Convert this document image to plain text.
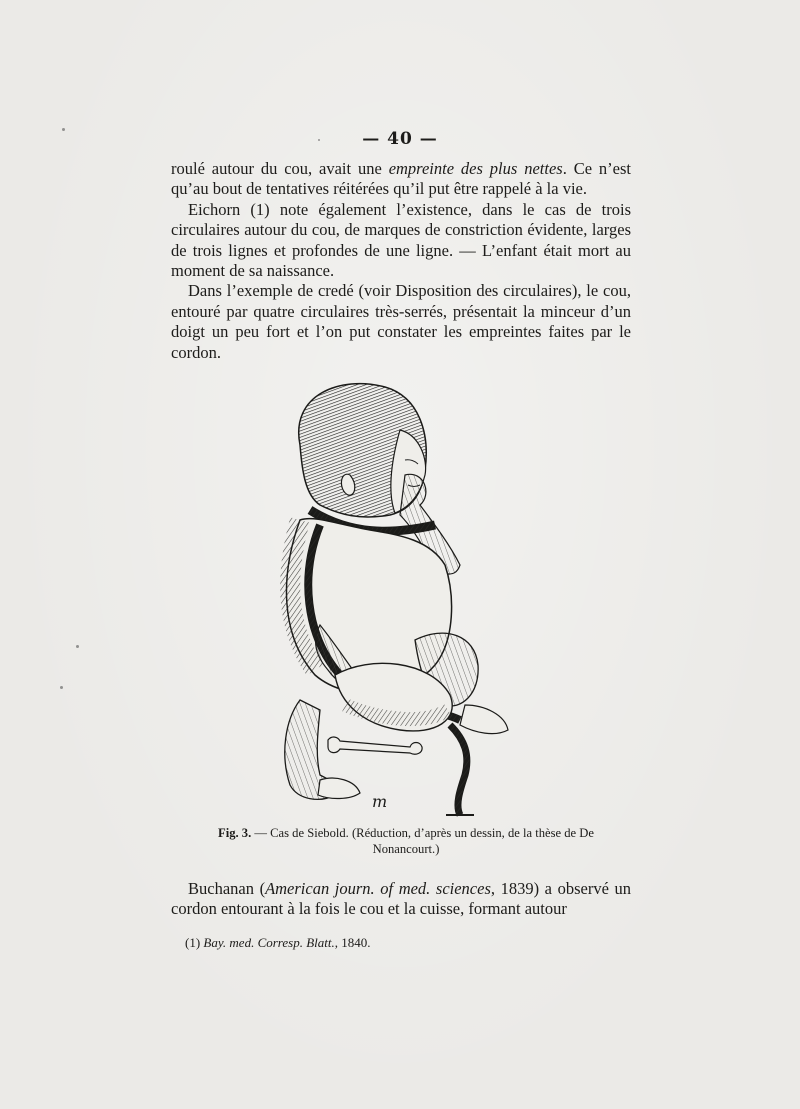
— 40 —

roulé autour du cou, avait une empreinte des plus nettes. Ce n’est qu’au bout de tentatives réitérées qu’il put être rappelé à la vie.

Eichorn (1) note également l’existence, dans le cas de trois circulaires autour du cou, de marques de constriction évidente, larges de trois lignes et profondes de une ligne. — L’enfant était mort au moment de sa naissance.

Dans l’exemple de credé (voir Disposition des circulaires), le cou, entouré par quatre circulaires très-serrés, présentait la minceur d’un doigt un peu fort et l’on put constater les empreintes faites par le cordon.

m
Fig. 3. — Cas de Siebold. (Réduction, d’après un dessin, de la thèse de De Nonancourt.)

Buchanan (American journ. of med. sciences, 1839) a observé un cordon entourant à la fois le cou et la cuisse, formant autour

(1) Bay. med. Corresp. Blatt., 1840.
